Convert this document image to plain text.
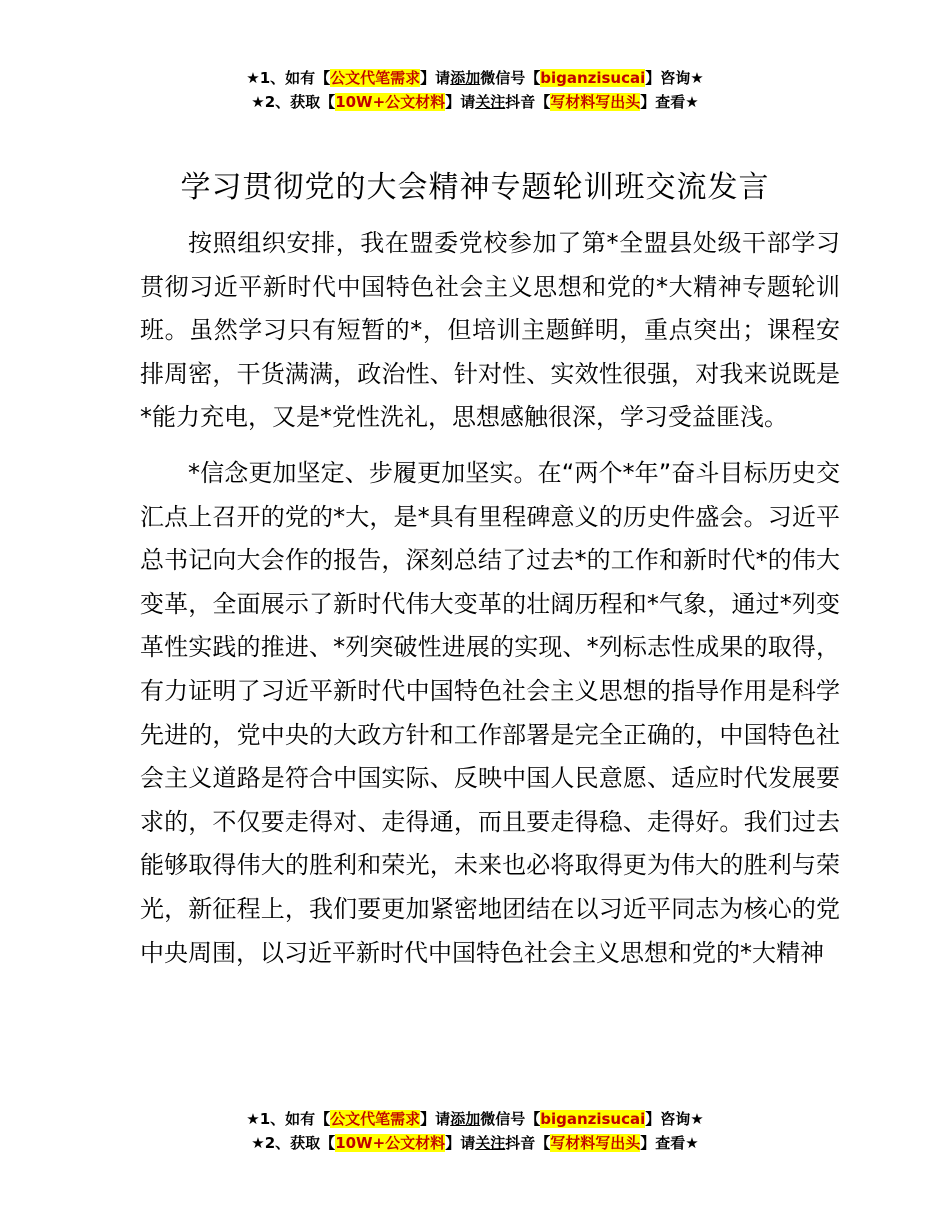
★1、如有【公文代笔需求】请添加微信号【biganzisucai】咨询★
★2、获取【10W+公文材料】请关注抖音【写材料写出头】查看★
学习贯彻党的大会精神专题轮训班交流发言

按照组织安排，我在盟委党校参加了第*全盟县处级干部学习贯彻习近平新时代中国特色社会主义思想和党的*大精神专题轮训班。虽然学习只有短暂的*，但培训主题鲜明，重点突出；课程安排周密，干货满满，政治性、针对性、实效性很强，对我来说既是*能力充电，又是*党性洗礼，思想感触很深，学习受益匪浅。

*信念更加坚定、步履更加坚实。在“两个*年”奋斗目标历史交汇点上召开的党的*大，是*具有里程碑意义的历史件盛会。习近平总书记向大会作的报告，深刻总结了过去*的工作和新时代*的伟大变革，全面展示了新时代伟大变革的壮阔历程和*气象，通过*列变革性实践的推进、*列突破性进展的实现、*列标志性成果的取得，有力证明了习近平新时代中国特色社会主义思想的指导作用是科学先进的，党中央的大政方针和工作部署是完全正确的，中国特色社会主义道路是符合中国实际、反映中国人民意愿、适应时代发展要求的，不仅要走得对、走得通，而且要走得稳、走得好。我们过去能够取得伟大的胜利和荣光，未来也必将取得更为伟大的胜利与荣光，新征程上，我们要更加紧密地团结在以习近平同志为核心的党中央周围，以习近平新时代中国特色社会主义思想和党的*大精神

★1、如有【公文代笔需求】请添加微信号【biganzisucai】咨询★
★2、获取【10W+公文材料】请关注抖音【写材料写出头】查看★
